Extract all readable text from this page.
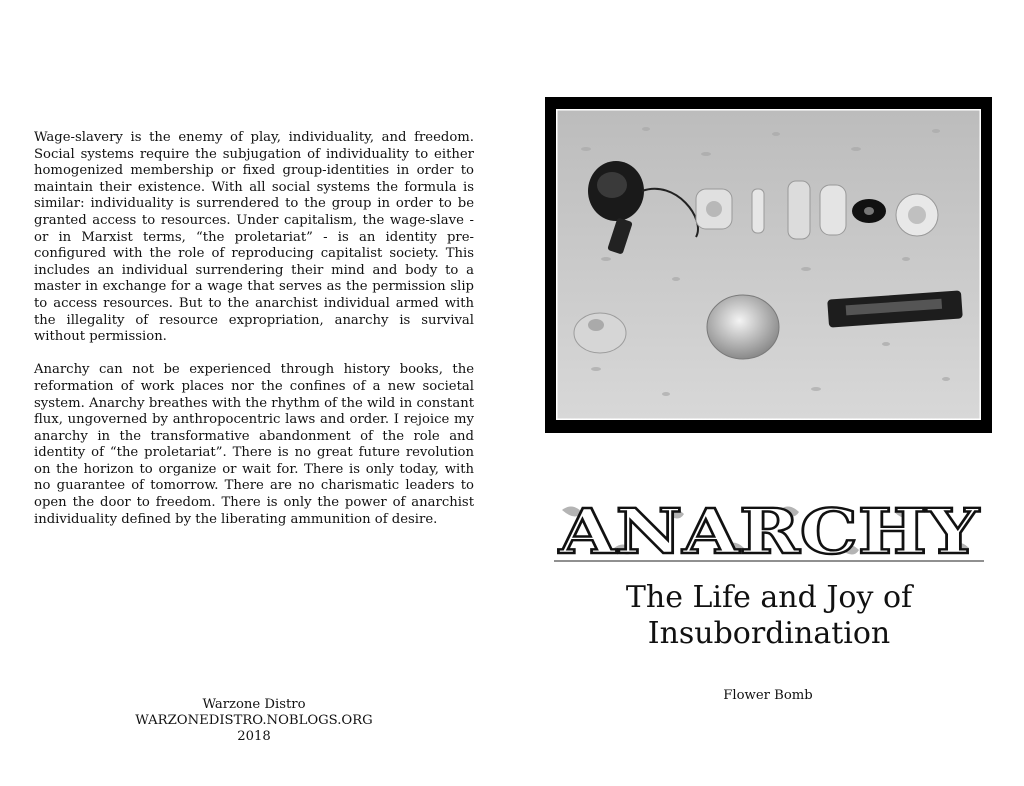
Wage-slavery is the enemy of play, individuality, and freedom. Social systems require the subjugation of individuality to either homogenized membership or fixed group-identities in order to maintain their existence. With all social systems the formula is similar: individuality is surrendered to the group in order to be granted access to resources. Under capitalism, the wage-slave - or in Marxist terms, “the proletariat” - is an identity pre-configured with the role of reproducing capitalist society. This includes an individual surrendering their mind and body to a master in exchange for a wage that serves as the permission slip to access resources. But to the anarchist individual armed with the illegality of resource expropriation, anarchy is survival without permission.

Anarchy can not be experienced through history books, the reformation of work places nor the confines of a new societal system. Anarchy breathes with the rhythm of the wild in constant flux, ungoverned by anthropocentric laws and order. I rejoice my anarchy in the transformative abandonment of the role and identity of “the proletariat”. There is no great future revolution on the horizon to organize or wait for. There is only today, with no guarantee of tomorrow. There are no charismatic leaders to open the door to freedom. There is only the power of anarchist individuality defined by the liberating ammunition of desire.

Warzone Distro
WARZONEDISTRO.NOBLOGS.ORG
2018
ANARCHY
The Life and Joy of
Insubordination
Flower Bomb
